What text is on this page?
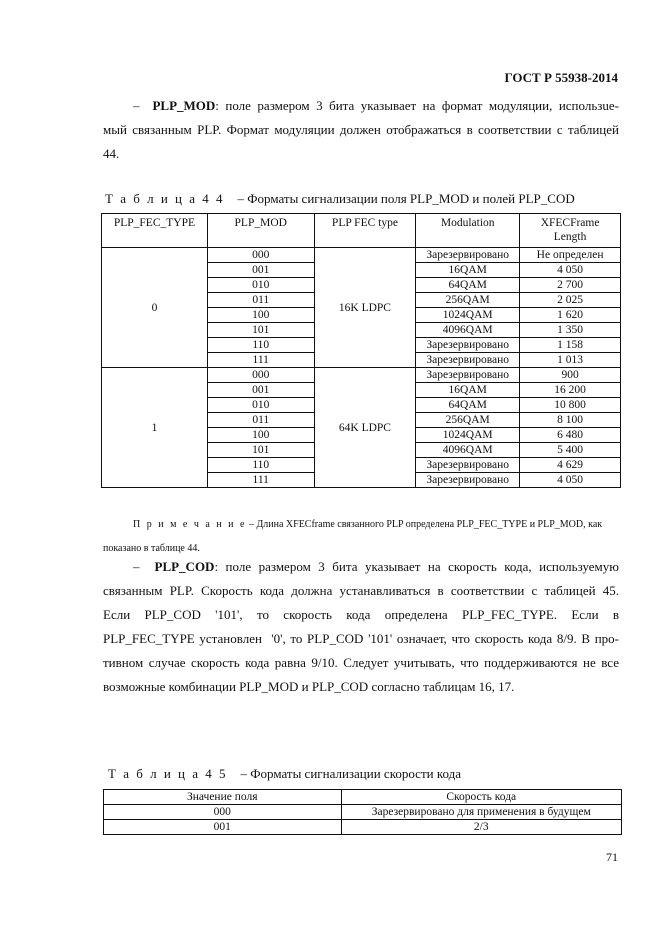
ГОСТ Р 55938-2014
– PLP_MOD: поле размером 3 бита указывает на формат модуляции, использue-
мый связанным PLP. Формат модуляции должен отображаться в соответствии с таблицей
44.
Т а б л и ц а 4 4 – Форматы сигнализации поля PLP_MOD и полей PLP_COD
PLP_FEC_TYPE	PLP_MOD	PLP FEC type	Modulation	XFECFrame
Length
0	000	16K LDPC	Зарезервировано	Не определен
	001		16QAM	4 050
	010		64QAM	2 700
	011		256QAM	2 025
	100		1024QAM	1 620
	101		4096QAM	1 350
	110		Зарезервировано	1 158
	111		Зарезервировано	1 013
1	000	64K LDPC	Зарезервировано	900
	001		16QAM	16 200
	010		64QAM	10 800
	011		256QAM	8 100
	100		1024QAM	6 480
	101		4096QAM	5 400
	110		Зарезервировано	4 629
	111		Зарезервировано	4 050
П р и м е ч а н и е – Длина XFECframe связанного PLP определена PLP_FEC_TYPE и PLP_MOD, как
показано в таблице 44.
– PLP_COD: поле размером 3 бита указывает на скорость кода, используемую
связанным PLP. Скорость кода должна устанавливаться в соответствии с таблицей 45.
Если    PLP_COD    '101',    то    скорость    кода    определена    PLP_FEC_TYPE.    Если    в
PLP_FEC_TYPE установлен  '0', то PLP_COD '101' означает, что скорость кода 8/9. В про-
тивном случае скорость кода равна 9/10. Следует учитывать, что поддерживаются не все
возможные комбинации PLP_MOD и PLP_COD согласно таблицам 16, 17.
Т а б л и ц а 4 5 – Форматы сигнализации скорости кода
Значение поля	Скорость кода
000	Зарезервировано для применения в будущем
001	2/3
71
